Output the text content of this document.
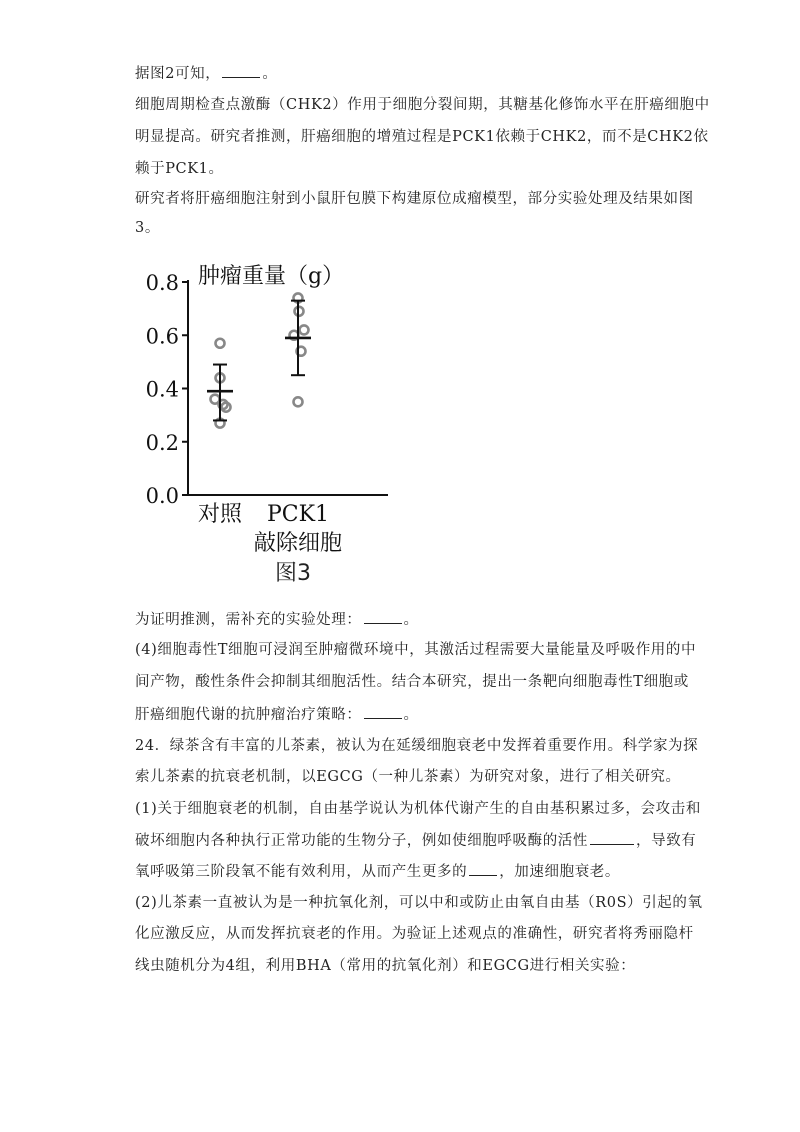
据图2可知，	。
细胞周期检查点激酶（CHK2）作用于细胞分裂间期，其糖基化修饰水平在肝癌细胞中
明显提高。研究者推测，肝癌细胞的增殖过程是PCK1依赖于CHK2，而不是CHK2依
赖于PCK1。
研究者将肝癌细胞注射到小鼠肝包膜下构建原位成瘤模型，部分实验处理及结果如图
3。
0.0
0.2
0.4
0.6
0.8 肿瘤重量（g）
对照 PCK1
敲除细胞
图3
为证明推测，需补充的实验处理：	。
(4)细胞毒性T细胞可浸润至肿瘤微环境中，其激活过程需要大量能量及呼吸作用的中
间产物，酸性条件会抑制其细胞活性。结合本研究，提出一条靶向细胞毒性T细胞或
肝癌细胞代谢的抗肿瘤治疗策略：	。
24．绿茶含有丰富的儿茶素，被认为在延缓细胞衰老中发挥着重要作用。科学家为探
索儿茶素的抗衰老机制，以EGCG（一种儿茶素）为研究对象，进行了相关研究。
(1)关于细胞衰老的机制，自由基学说认为机体代谢产生的自由基积累过多，会攻击和
破坏细胞内各种执行正常功能的生物分子，例如使细胞呼吸酶的活性	，导致有
氧呼吸第三阶段氧不能有效利用，从而产生更多的 ，加速细胞衰老。
(2)儿茶素一直被认为是一种抗氧化剂，可以中和或防止由氧自由基（R0S）引起的氧
化应激反应，从而发挥抗衰老的作用。为验证上述观点的准确性，研究者将秀丽隐杆
线虫随机分为4组，利用BHA（常用的抗氧化剂）和EGCG进行相关实验：
